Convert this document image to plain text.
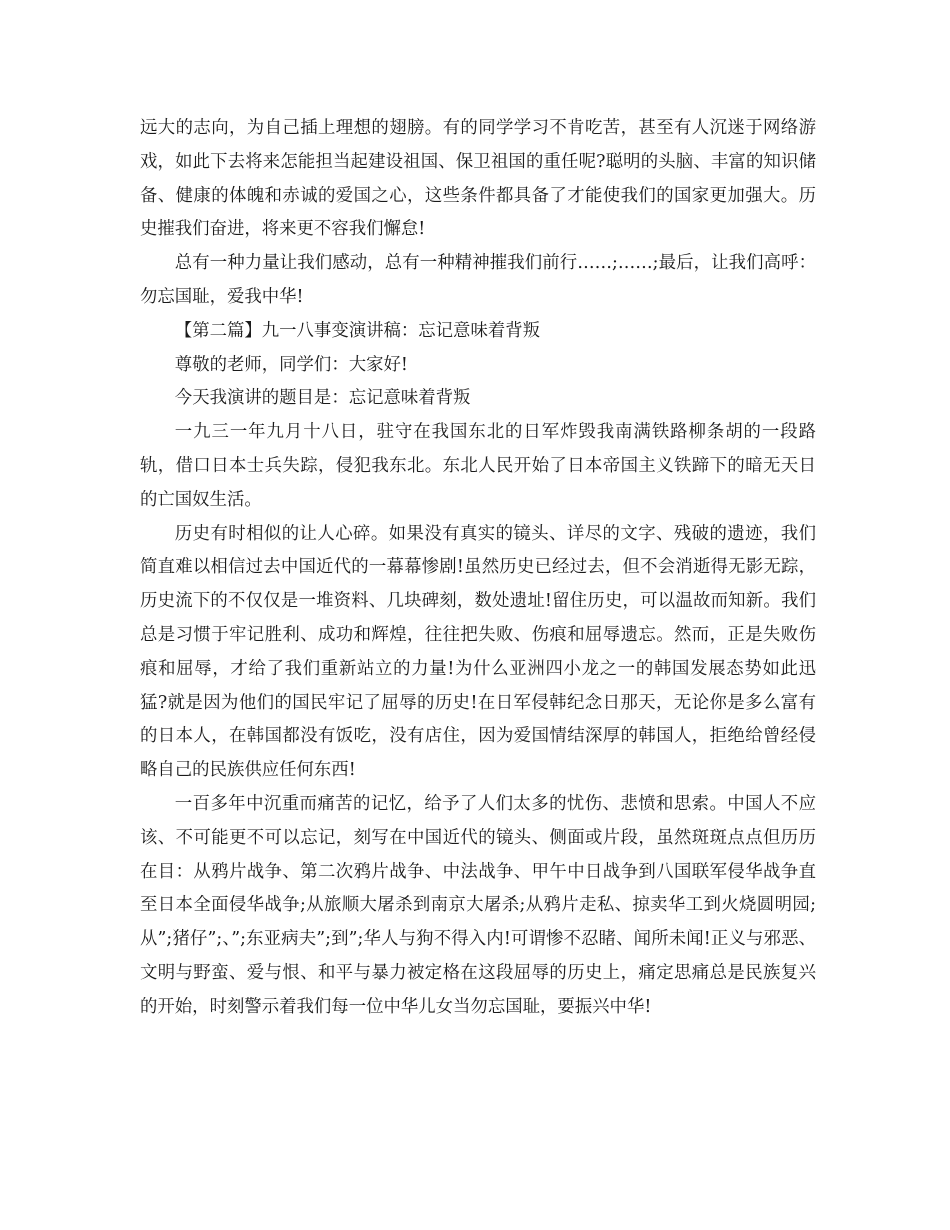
远大的志向，为自己插上理想的翅膀。有的同学学习不肯吃苦，甚至有人沉迷于网络游戏，如此下去将来怎能担当起建设祖国、保卫祖国的重任呢?聪明的头脑、丰富的知识储备、健康的体魄和赤诚的爱国之心，这些条件都具备了才能使我们的国家更加强大。历史摧我们奋进，将来更不容我们懈怠!

总有一种力量让我们感动，总有一种精神摧我们前行……;……;最后，让我们高呼：勿忘国耻，爱我中华!

【第二篇】九一八事变演讲稿：忘记意味着背叛

尊敬的老师，同学们：大家好!

今天我演讲的题目是：忘记意味着背叛

一九三一年九月十八日，驻守在我国东北的日军炸毁我南满铁路柳条胡的一段路轨，借口日本士兵失踪，侵犯我东北。东北人民开始了日本帝国主义铁蹄下的暗无天日的亡国奴生活。

历史有时相似的让人心碎。如果没有真实的镜头、详尽的文字、残破的遗迹，我们简直难以相信过去中国近代的一幕幕惨剧!虽然历史已经过去，但不会消逝得无影无踪，历史流下的不仅仅是一堆资料、几块碑刻，数处遗址!留住历史，可以温故而知新。我们总是习惯于牢记胜利、成功和辉煌，往往把失败、伤痕和屈辱遗忘。然而，正是失败伤痕和屈辱，才给了我们重新站立的力量!为什么亚洲四小龙之一的韩国发展态势如此迅猛?就是因为他们的国民牢记了屈辱的历史!在日军侵韩纪念日那天，无论你是多么富有的日本人，在韩国都没有饭吃，没有店住，因为爱国情结深厚的韩国人，拒绝给曾经侵略自己的民族供应任何东西!

一百多年中沉重而痛苦的记忆，给予了人们太多的忧伤、悲愤和思索。中国人不应该、不可能更不可以忘记，刻写在中国近代的镜头、侧面或片段，虽然斑斑点点但历历在目：从鸦片战争、第二次鸦片战争、中法战争、甲午中日战争到八国联军侵华战争直至日本全面侵华战争;从旅顺大屠杀到南京大屠杀;从鸦片走私、掠卖华工到火烧圆明园;从”;猪仔”;、”;东亚病夫”;到”;华人与狗不得入内!可谓惨不忍睹、闻所未闻!正义与邪恶、文明与野蛮、爱与恨、和平与暴力被定格在这段屈辱的历史上，痛定思痛总是民族复兴的开始，时刻警示着我们每一位中华儿女当勿忘国耻，要振兴中华!
